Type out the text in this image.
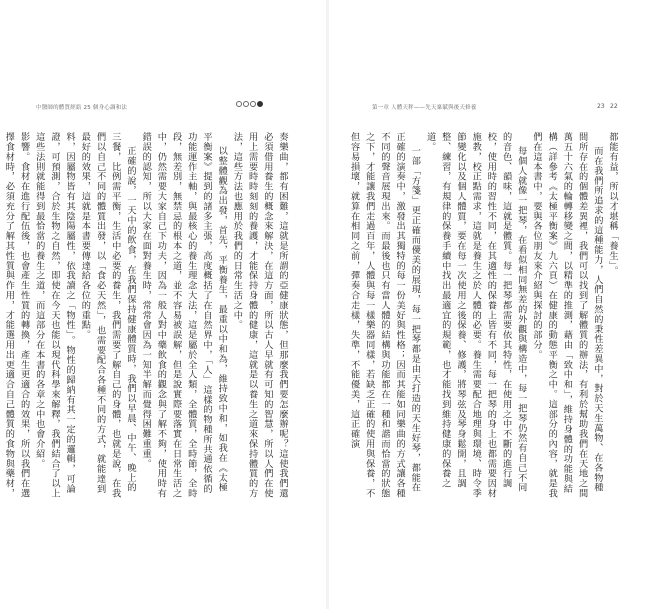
中醫師的體質經絡 25 個身心調和法

奏樂曲，都有困難，這就是所謂的亞健康狀態，但那麼我們要怎麼辦呢？這使我們還必須借用養生的概念來解決，在這方面，所以古人早就有可知的智慧，所以人們在使用上需要時時刻刻的養護，才能保持身體的健康，這就是以養生之道來保持體質的方法，這些方法也應用於我們的日常生活之中。

以整體觀為出發，首先，平衡養生，最重以中和為，維持致中和，如我在《太極平衡案》提到的諸多主張，高度概括了在自然界中，「人」這樣的物種所共通依循的功能運作主軸，與最核心的養生理念大法，這是屬於全人類，全體質，全時節，全時段，無差別，無禁忌的根本之道，並不容易被誤解，但是說實際要落實在日常生活之中，仍然需要大家自己下功夫，因為一般人對中藥飲食的觀念與了解不夠，使用時有錯誤的認知，所以大家在面對養生時，常常會因為一知半解而覺得困難重重。

正確的說，一天中的飲食，在我們保持健康體質時，我們以早晨、中午、晚上的三餐，比例需平衡，生活中必要的養生，我們需要了解自己的身體，也就是說，在我們以自己不同的體質出發，以「食必天然」，也需要配合各種不同的方式，就能達到最好的效果，這就是本書要傳達給各位的重點。

料，因屬物皆有其陰陽屬性，依我讀之「物性」。物性的歸納有其一定的邏輯，可論證，可預測，合於生物之自然，即使在今天也能以現代科學來解釋，我們結合了以上這些法則就能得到最恰當的養生之道，而這部分在本書的各章之中也會介紹。

影響。食材在進行配伍後，也會產生性質的轉換，產生更適合的效果，所以我們在選擇食材時，必須充分了解其性質與作用，才能選用出更適合自己體質的食物與藥材，

第一章 人體天秤——先天稟賦與後天修養	23 22

都能有益，所以才堪稱「養生」。

而在我們所追求的這種能力，人們自然的秉性差異中，對於天生萬物、在各物種間所存在的個體差異裡，我們可以找到了解體質的辦法，有利於幫助我們在天地之間萬五十六氣的輪轉移變之間，以精準的推測，藉由「致中和」，維持身體的功能與結構（詳參考《太極平衡案》九六頁）在健康的動態平衡之中。這部分的內容，就是我們在這本書中，要與各位朋友來介紹與探討的部分。

每個人就像一把琴，在看似相同無差的外觀與構造中，每一把琴仍然有自己不同的音色、韻味，這就是體質。每一把琴都需要依其特性，在使用之中不斷的進行調校，使用時的習性不同，在其適性的保養上皆有不同，每一把琴的身上也都需要因材施教，校正點需求，這就是養生之於人體的必要。養生需要配合地理與環境、時令季節變化以及個人體質，要在每一次使用之後保養、修護，將琴弦及琴身鬆開，且調整、練習，有規律的保養手續中找出最適宜的規範，也才能找到維持健康的保養之道。

一部「方箋」更正確而優美的展現，每一把琴都是由天打造的天生好琴，都能在正確的演奏中，激發出其獨特的每一份美好與性格；因而其能如同樂曲的方式讓各種不同的聲音展現出來。而最後也只有當人體的結構與功能都在一種和諧而恰當的狀態之下，才能讓我們走過百年，人體與每一樣樂器同樣，若缺乏正確的使用與保養，不但容易損壞，就算在相同之前，彈奏合走樣，失準，不能優美，這正確演
